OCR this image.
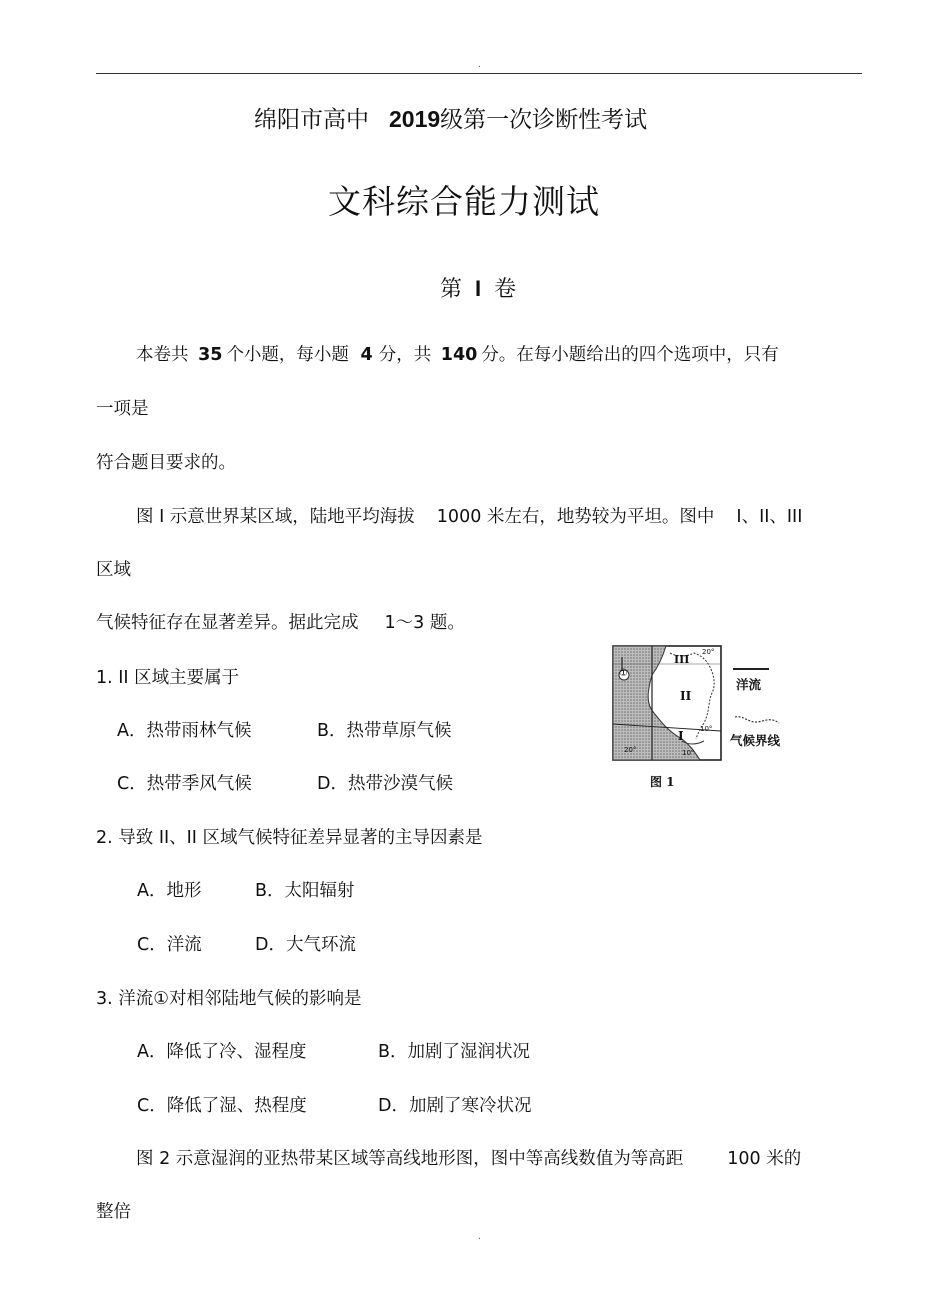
.
绵阳市高中 2019级第一次诊断性考试
文科综合能力测试
第 I 卷
本卷共 35 个小题，每小题 4 分，共 140 分。在每小题给出的四个选项中，只有
一项是
符合题目要求的。
图 I 示意世界某区域，陆地平均海拔 1000 米左右，地势较为平坦。图中 I、II、III
区域
气候特征存在显著差异。据此完成 1～3 题。
1. II 区域主要属于
A．热带雨林气候	B．热带草原气候
C．热带季风气候	D．热带沙漠气候
III
II
I
①
20°
10°
10°
20°
洋流
气候界线
图 1
2. 导致 II、II 区域气候特征差异显著的主导因素是
A．地形	B．太阳辐射
C．洋流	D．大气环流
3. 洋流①对相邻陆地气候的影响是
A．降低了冷、湿程度	B．加剧了湿润状况
C．降低了湿、热程度	D．加剧了寒冷状况
图 2 示意湿润的亚热带某区域等高线地形图，图中等高线数值为等高距	100 米的
整倍
.
